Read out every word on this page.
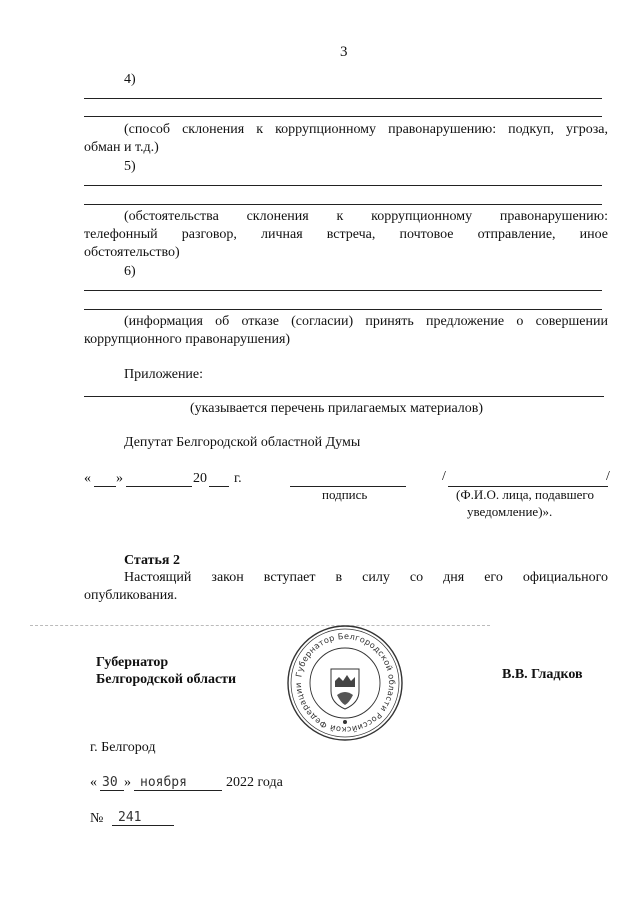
3
4)
(способ склонения к коррупционному правонарушению: подкуп, угроза,
обман и т.д.)
5)
(обстоятельства склонения к коррупционному правонарушению:
телефонный разговор, личная встреча, почтовое отправление, иное
обстоятельство)
6)
(информация об отказе (согласии) принять предложение о совершении
коррупционного правонарушения)
Приложение:
(указывается перечень прилагаемых материалов)
Депутат Белгородской областной Думы
« »	20 г.
подпись
/	/
(Ф.И.О. лица, подавшего
уведомление)».
Статья 2
Настоящий закон вступает в силу со дня его официального
опубликования.
Губернатор
Белгородской области	В.В. Гладков
Губернатор Белгородской области Российской Федерации
г. Белгород
« 30 » ноября	2022 года
№ 241
